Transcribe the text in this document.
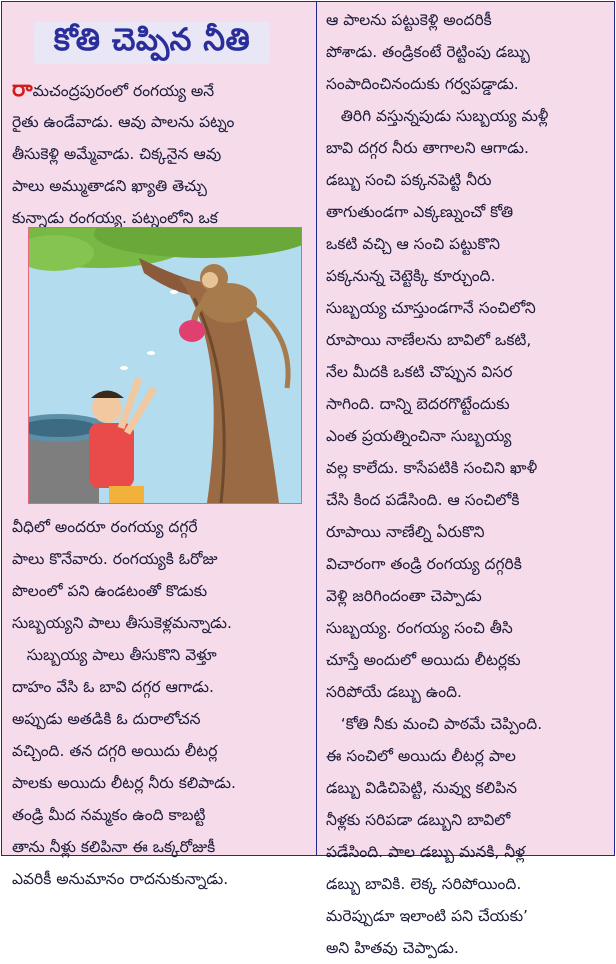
కోతి చెప్పిన నీతి
రామచంద్రపురంలో రంగయ్య అనే
రైతు ఉండేవాడు. ఆవు పాలను పట్నం
తీసుకెళ్లి అమ్మేవాడు. చిక్కనైన ఆవు
పాలు అమ్ముతాడని ఖ్యాతి తెచ్చు
కున్నాడు రంగయ్య. పట్నంలోని ఒక
వీధిలో అందరూ రంగయ్య దగ్గరే
పాలు కొనేవారు. రంగయ్యకి ఓరోజు
పొలంలో పని ఉండటంతో కొడుకు
సుబ్బయ్యని పాలు తీసుకెళ్లమన్నాడు.
సుబ్బయ్య పాలు తీసుకొని వెళ్తూ
దాహం వేసి ఓ బావి దగ్గర ఆగాడు.
అప్పుడు అతడికి ఓ దురాలోచన
వచ్చింది. తన దగ్గరి అయిదు లీటర్ల
పాలకు అయిదు లీటర్ల నీరు కలిపాడు.
తండ్రి మీద నమ్మకం ఉంది కాబట్టి
తాను నీళ్లు కలిపినా ఈ ఒక్కరోజుకీ
ఎవరికీ అనుమానం రాదనుకున్నాడు.
ఆ పాలను పట్టుకెళ్లి అందరికీ
పోశాడు. తండ్రికంటే రెట్టింపు డబ్బు
సంపాదించినందుకు గర్వపడ్డాడు.
తిరిగి వస్తున్నపుడు సుబ్బయ్య మళ్లీ
బావి దగ్గర నీరు తాగాలని ఆగాడు.
డబ్బు సంచి పక్కనపెట్టి నీరు
తాగుతుండగా ఎక్కణ్నుంచో కోతి
ఒకటి వచ్చి ఆ సంచి పట్టుకొని
పక్కనున్న చెట్టెక్కి కూర్చుంది.
సుబ్బయ్య చూస్తుండగానే సంచిలోని
రూపాయి నాణేలను బావిలో ఒకటి,
నేల మీదకి ఒకటి చొప్పున విసర
సాగింది. దాన్ని బెదరగొట్టేందుకు
ఎంత ప్రయత్నించినా సుబ్బయ్య
వల్ల కాలేదు. కాసేపటికి సంచిని ఖాళీ
చేసి కింద పడేసింది. ఆ సంచిలోకి
రూపాయి నాణేల్ని ఏరుకొని
విచారంగా తండ్రి రంగయ్య దగ్గరికి
వెళ్లి జరిగిందంతా చెప్పాడు
సుబ్బయ్య. రంగయ్య సంచి తీసి
చూస్తే అందులో అయిదు లీటర్లకు
సరిపోయే డబ్బు ఉంది.
‘కోతి నీకు మంచి పాఠమే చెప్పింది.
ఈ సంచిలో అయిదు లీటర్ల పాల
డబ్బు విడిచిపెట్టి, నువ్వు కలిపిన
నీళ్లకు సరిపడా డబ్బుని బావిలో
పడేసింది. పాల డబ్బు మనకి, నీళ్ల
డబ్బు బావికి. లెక్క సరిపోయింది.
మరెప్పుడూ ఇలాంటి పని చేయకు’
అని హితవు చెప్పాడు.
